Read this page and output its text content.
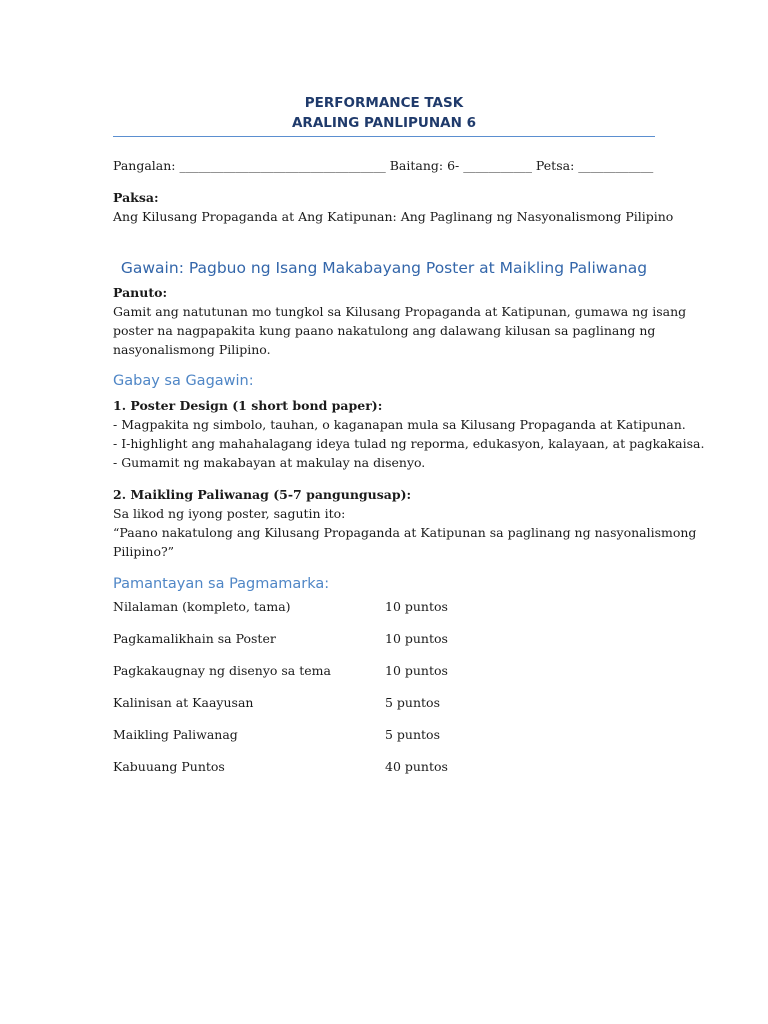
PERFORMANCE TASK
ARALING PANLIPUNAN 6
Pangalan: _________________________________ Baitang: 6- ___________ Petsa: ____________
Paksa:
Ang Kilusang Propaganda at Ang Katipunan: Ang Paglinang ng Nasyonalismong Pilipino
Gawain: Pagbuo ng Isang Makabayang Poster at Maikling Paliwanag
Panuto:
Gamit ang natutunan mo tungkol sa Kilusang Propaganda at Katipunan, gumawa ng isang
poster na nagpapakita kung paano nakatulong ang dalawang kilusan sa paglinang ng
nasyonalismong Pilipino.
Gabay sa Gagawin:
1. Poster Design (1 short bond paper):
- Magpakita ng simbolo, tauhan, o kaganapan mula sa Kilusang Propaganda at Katipunan.
- I-highlight ang mahahalagang ideya tulad ng reporma, edukasyon, kalayaan, at pagkakaisa.
- Gumamit ng makabayan at makulay na disenyo.
2. Maikling Paliwanag (5-7 pangungusap):
Sa likod ng iyong poster, sagutin ito:
“Paano nakatulong ang Kilusang Propaganda at Katipunan sa paglinang ng nasyonalismong
Pilipino?”
Pamantayan sa Pagmamarka:
Nilalaman (kompleto, tama)	10 puntos
Pagkamalikhain sa Poster	10 puntos
Pagkakaugnay ng disenyo sa tema	10 puntos
Kalinisan at Kaayusan	5 puntos
Maikling Paliwanag	5 puntos
Kabuuang Puntos	40 puntos
